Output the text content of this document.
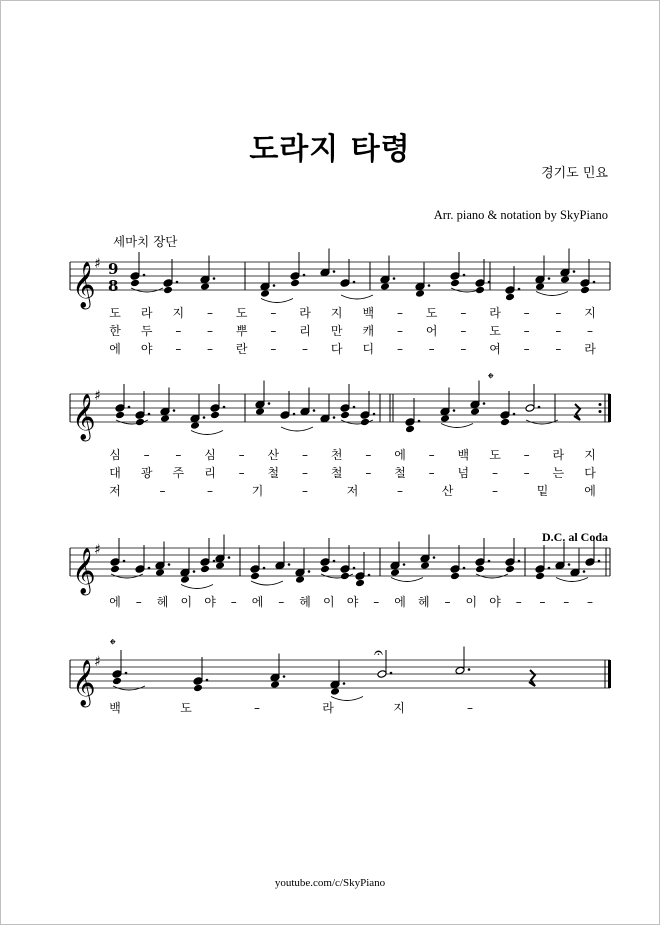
도라지 타령
경기도 민요
Arr. piano & notation by SkyPiano
세마치 장단
D.C. al Coda
youtube.com/c/SkyPiano
𝄞
♯ 9
8
도 라 지 – 도 – 라 지 백 – 도 – 라 – – 지
한 두 – – 뿌 – 리 만 캐 – 어 – 도 – – –
에 야 – – 란 – – 다 디 – – – 여 – – 라
𝄞
♯
𝄌
심 – – 심 – 산 – 천 – 에 – 백 도 – 라 지
대 광 주 리 – 철 – 철 – 철 – 넘 – – 는 다
저	–	–	기	–	저	–	산	–	밑	에
𝄞
♯
에 – 헤 이 야 – 에 – 헤 이 야 – 에 헤 – 이 야 – – – –
𝄞
♯
𝄌	𝄐
백	도	–	라	지	–
